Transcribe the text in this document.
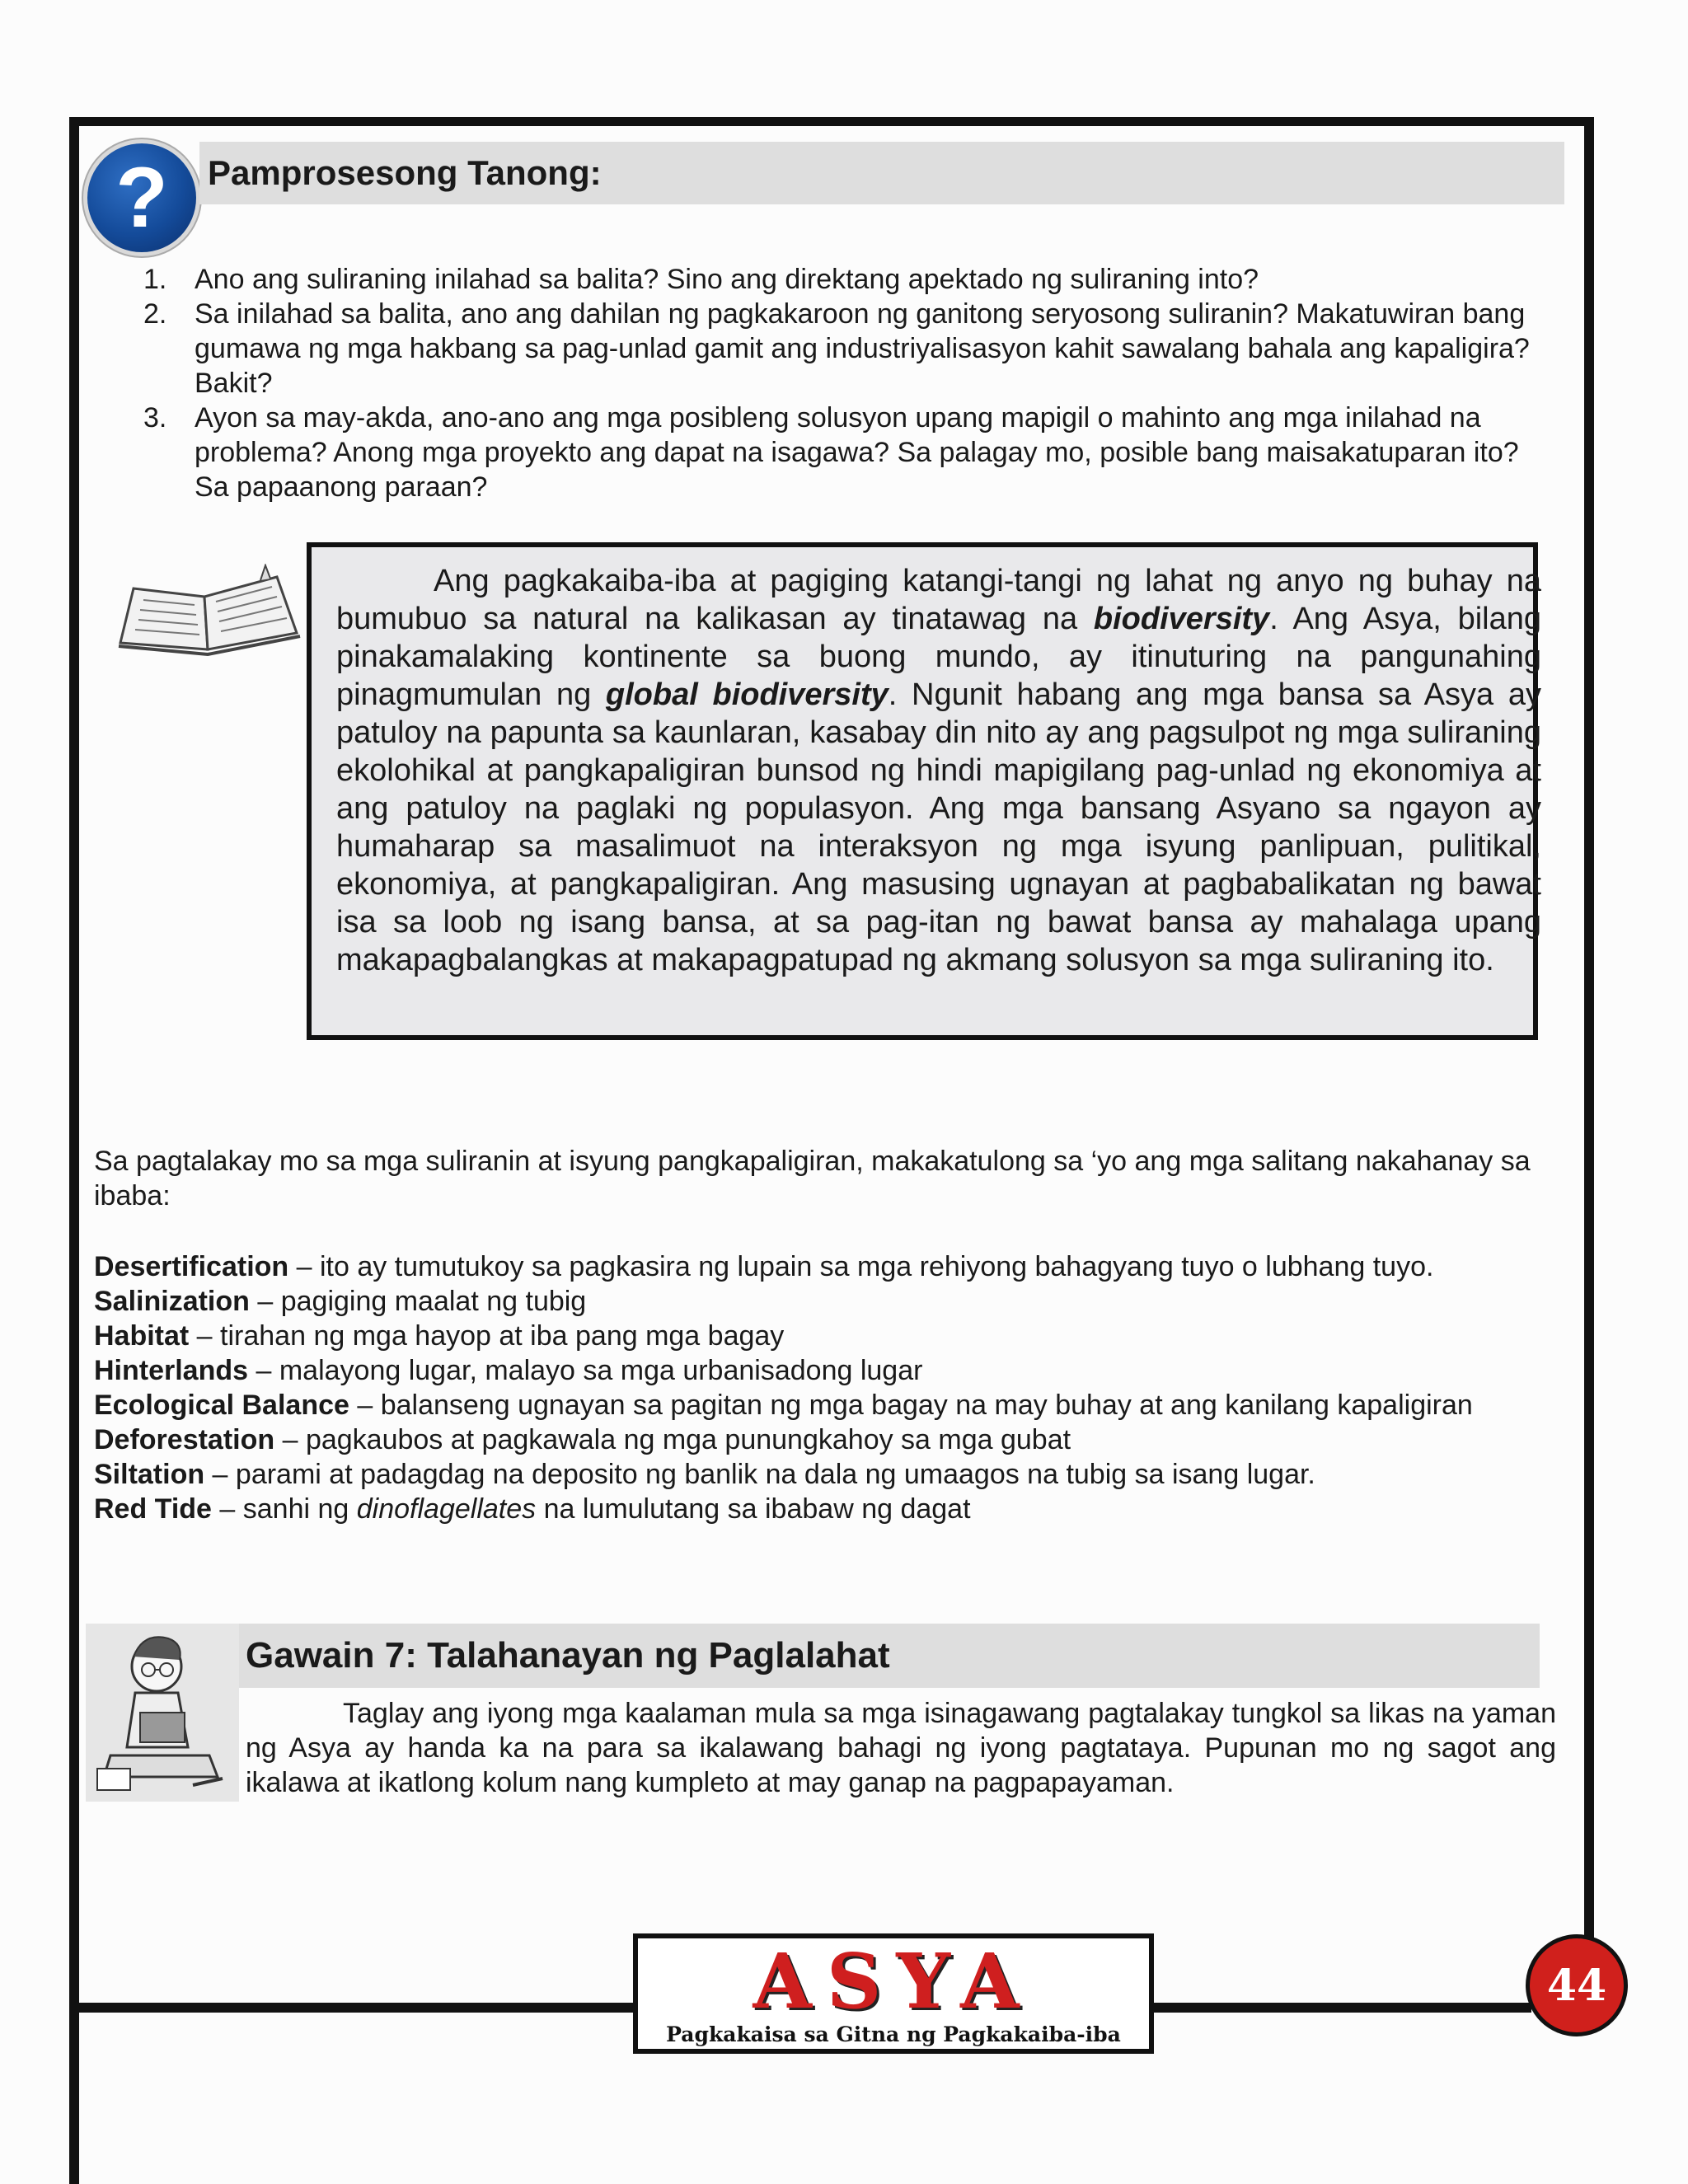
?	Pamprosesong Tanong:
1. Ano ang suliraning inilahad sa balita? Sino ang direktang apektado ng suliraning into?
2. Sa inilahad sa balita, ano ang dahilan ng pagkakaroon ng ganitong seryosong suliranin? Makatuwiran bang gumawa ng mga hakbang sa pag-unlad gamit ang industriyalisasyon kahit sawalang bahala ang kapaligira? Bakit?
3. Ayon sa may-akda, ano-ano ang mga posibleng solusyon upang mapigil o mahinto ang mga inilahad na problema? Anong mga proyekto ang dapat na isagawa? Sa palagay mo, posible bang maisakatuparan ito? Sa papaanong paraan?
Ang pagkakaiba-iba at pagiging katangi-tangi ng lahat ng anyo ng buhay na bumubuo sa natural na kalikasan ay tinatawag na biodiversity. Ang Asya, bilang pinakamalaking kontinente sa buong mundo, ay itinuturing na pangunahing pinagmumulan ng global biodiversity. Ngunit habang ang mga bansa sa Asya ay patuloy na papunta sa kaunlaran, kasabay din nito ay ang pagsulpot ng mga suliraning ekolohikal at pangkapaligiran bunsod ng hindi mapigilang pag-unlad ng ekonomiya at ang patuloy na paglaki ng populasyon. Ang mga bansang Asyano sa ngayon ay humaharap sa masalimuot na interaksyon ng mga isyung panlipuan, pulitikal, ekonomiya, at pangkapaligiran. Ang masusing ugnayan at pagbabalikatan ng bawat isa sa loob ng isang bansa, at sa pag-itan ng bawat bansa ay mahalaga upang makapagbalangkas at makapagpatupad ng akmang solusyon sa mga suliraning ito.
Sa pagtalakay mo sa mga suliranin at isyung pangkapaligiran, makakatulong sa ‘yo ang mga salitang nakahanay sa ibaba:
Desertification – ito ay tumutukoy sa pagkasira ng lupain sa mga rehiyong bahagyang tuyo o lubhang tuyo.
Salinization – pagiging maalat ng tubig
Habitat – tirahan ng mga hayop at iba pang mga bagay
Hinterlands – malayong lugar, malayo sa mga urbanisadong lugar
Ecological Balance – balanseng ugnayan sa pagitan ng mga bagay na may buhay at ang kanilang kapaligiran
Deforestation – pagkaubos at pagkawala ng mga punungkahoy sa mga gubat
Siltation – parami at padagdag na deposito ng banlik na dala ng umaagos na tubig sa isang lugar.
Red Tide – sanhi ng dinoflagellates na lumulutang sa ibabaw ng dagat
Gawain 7: Talahanayan ng Paglalahat
Taglay ang iyong mga kaalaman mula sa mga isinagawang pagtalakay tungkol sa likas na yaman ng Asya ay handa ka na para sa ikalawang bahagi ng iyong pagtataya. Pupunan mo ng sagot ang ikalawa at ikatlong kolum nang kumpleto at may ganap na pagpapayaman.
ASYA
Pagkakaisa sa Gitna ng Pagkakaiba-iba
44
